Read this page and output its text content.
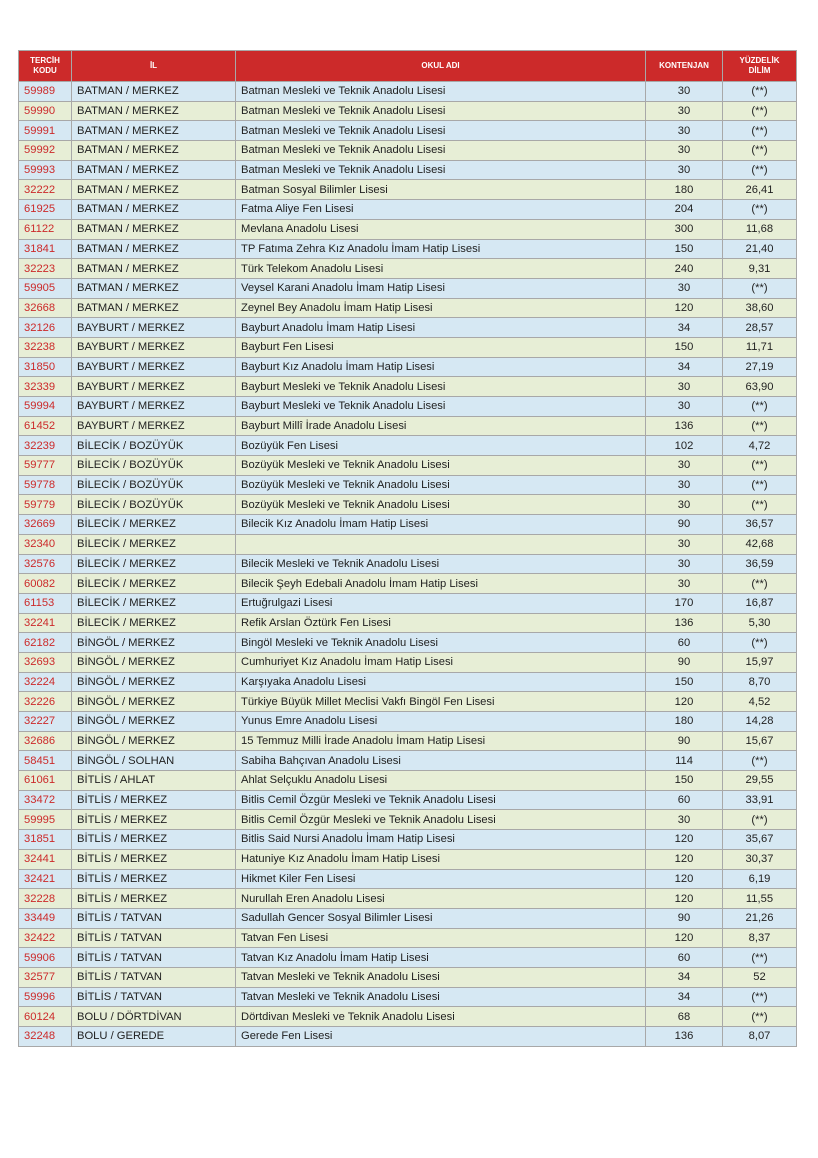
TERCİH
KODU	İL	OKUL ADI	KONTENJAN	YÜZDELİK
DİLİM
59989	BATMAN / MERKEZ	Batman Mesleki ve Teknik Anadolu Lisesi	30	(**)
59990	BATMAN / MERKEZ	Batman Mesleki ve Teknik Anadolu Lisesi	30	(**)
59991	BATMAN / MERKEZ	Batman Mesleki ve Teknik Anadolu Lisesi	30	(**)
59992	BATMAN / MERKEZ	Batman Mesleki ve Teknik Anadolu Lisesi	30	(**)
59993	BATMAN / MERKEZ	Batman Mesleki ve Teknik Anadolu Lisesi	30	(**)
32222	BATMAN / MERKEZ	Batman Sosyal Bilimler Lisesi	180	26,41
61925	BATMAN / MERKEZ	Fatma Aliye Fen Lisesi	204	(**)
61122	BATMAN / MERKEZ	Mevlana Anadolu Lisesi	300	11,68
31841	BATMAN / MERKEZ	TP Fatıma Zehra Kız Anadolu İmam Hatip Lisesi	150	21,40
32223	BATMAN / MERKEZ	Türk Telekom Anadolu Lisesi	240	9,31
59905	BATMAN / MERKEZ	Veysel Karani Anadolu İmam Hatip Lisesi	30	(**)
32668	BATMAN / MERKEZ	Zeynel Bey Anadolu İmam Hatip Lisesi	120	38,60
32126	BAYBURT / MERKEZ	Bayburt Anadolu İmam Hatip Lisesi	34	28,57
32238	BAYBURT / MERKEZ	Bayburt Fen Lisesi	150	11,71
31850	BAYBURT / MERKEZ	Bayburt Kız Anadolu İmam Hatip Lisesi	34	27,19
32339	BAYBURT / MERKEZ	Bayburt Mesleki ve Teknik Anadolu Lisesi	30	63,90
59994	BAYBURT / MERKEZ	Bayburt Mesleki ve Teknik Anadolu Lisesi	30	(**)
61452	BAYBURT / MERKEZ	Bayburt Millî İrade Anadolu Lisesi	136	(**)
32239	BİLECİK / BOZÜYÜK	Bozüyük Fen Lisesi	102	4,72
59777	BİLECİK / BOZÜYÜK	Bozüyük Mesleki ve Teknik Anadolu Lisesi	30	(**)
59778	BİLECİK / BOZÜYÜK	Bozüyük Mesleki ve Teknik Anadolu Lisesi	30	(**)
59779	BİLECİK / BOZÜYÜK	Bozüyük Mesleki ve Teknik Anadolu Lisesi	30	(**)
32669	BİLECİK / MERKEZ	Bilecik Kız Anadolu İmam Hatip Lisesi	90	36,57
32340	BİLECİK / MERKEZ		30	42,68
32576	BİLECİK / MERKEZ	Bilecik Mesleki ve Teknik Anadolu Lisesi	30	36,59
60082	BİLECİK / MERKEZ	Bilecik Şeyh Edebali Anadolu İmam Hatip Lisesi	30	(**)
61153	BİLECİK / MERKEZ	Ertuğrulgazi Lisesi	170	16,87
32241	BİLECİK / MERKEZ	Refik Arslan Öztürk Fen Lisesi	136	5,30
62182	BİNGÖL / MERKEZ	Bingöl Mesleki ve Teknik Anadolu Lisesi	60	(**)
32693	BİNGÖL / MERKEZ	Cumhuriyet Kız Anadolu İmam Hatip Lisesi	90	15,97
32224	BİNGÖL / MERKEZ	Karşıyaka Anadolu Lisesi	150	8,70
32226	BİNGÖL / MERKEZ	Türkiye Büyük Millet Meclisi Vakfı Bingöl Fen Lisesi	120	4,52
32227	BİNGÖL / MERKEZ	Yunus Emre Anadolu Lisesi	180	14,28
32686	BİNGÖL / MERKEZ	15 Temmuz Milli İrade Anadolu İmam Hatip Lisesi	90	15,67
58451	BİNGÖL / SOLHAN	Sabiha Bahçıvan Anadolu Lisesi	114	(**)
61061	BİTLİS / AHLAT	Ahlat Selçuklu Anadolu Lisesi	150	29,55
33472	BİTLİS / MERKEZ	Bitlis Cemil Özgür Mesleki ve Teknik Anadolu Lisesi	60	33,91
59995	BİTLİS / MERKEZ	Bitlis Cemil Özgür Mesleki ve Teknik Anadolu Lisesi	30	(**)
31851	BİTLİS / MERKEZ	Bitlis Said Nursi Anadolu İmam Hatip Lisesi	120	35,67
32441	BİTLİS / MERKEZ	Hatuniye Kız Anadolu İmam Hatip Lisesi	120	30,37
32421	BİTLİS / MERKEZ	Hikmet Kiler Fen Lisesi	120	6,19
32228	BİTLİS / MERKEZ	Nurullah Eren Anadolu Lisesi	120	11,55
33449	BİTLİS / TATVAN	Sadullah Gencer Sosyal Bilimler Lisesi	90	21,26
32422	BİTLİS / TATVAN	Tatvan Fen Lisesi	120	8,37
59906	BİTLİS / TATVAN	Tatvan Kız Anadolu İmam Hatip Lisesi	60	(**)
32577	BİTLİS / TATVAN	Tatvan Mesleki ve Teknik Anadolu Lisesi	34	52
59996	BİTLİS / TATVAN	Tatvan Mesleki ve Teknik Anadolu Lisesi	34	(**)
60124	BOLU / DÖRTDİVAN	Dörtdivan Mesleki ve Teknik Anadolu Lisesi	68	(**)
32248	BOLU / GEREDE	Gerede Fen Lisesi	136	8,07
